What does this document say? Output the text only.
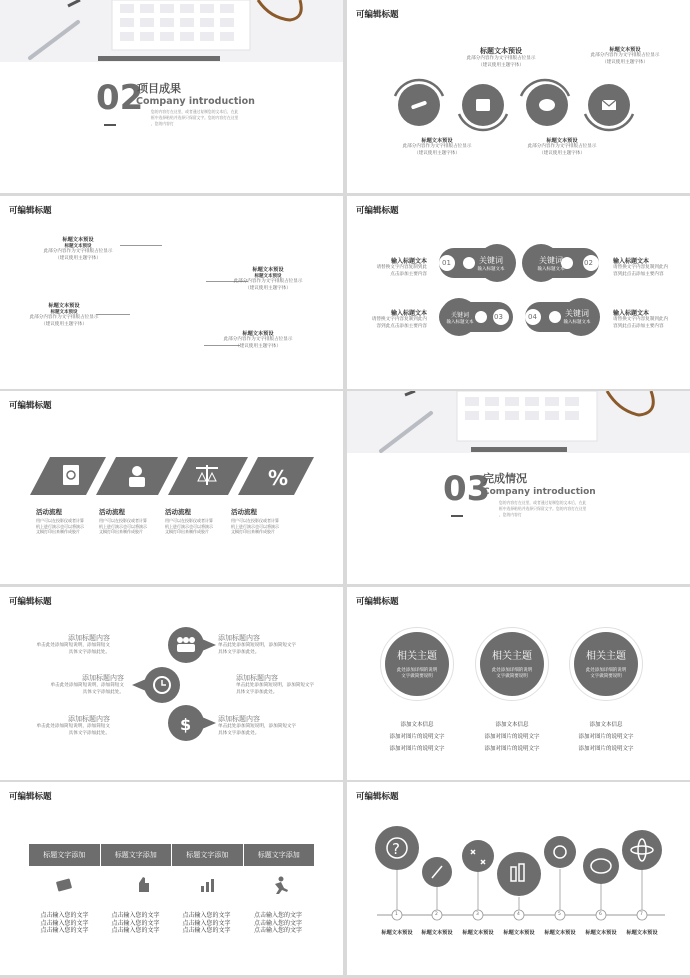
02
项目成果
Company introduction
您的内容打在这里，或者通过复制您的文本后，在此
框中选择粘贴并选择只保留文字。您的内容打在这里
，您的内容打
可编辑标题
标题文本预设
此部分内容作为文字排版占位显示
（建议使用主题字体）
标题文本预设
此部分内容作为文字排版占位显示
（建议使用主题字体）
标题文本预设
此部分内容作为文字排版占位显示
（建议使用主题字体）
标题文本预设
此部分内容作为文字排版占位显示
（建议使用主题字体）
可编辑标题
标题文本预设
标题文本预设
此部分内容作为文字排版占位显示
（建议使用主题字体）
标题文本预设
标题文本预设
此部分内容作为文字排版占位显示
（建议使用主题字体）
标题文本预设
标题文本预设
此部分内容作为文字排版占位显示
（建议使用主题字体）
标题文本预设
此部分内容作为文字排版占位显示
（建议使用主题字体）
可编辑标题
01	02
03	04
关键词
输入标题文本
关键词
输入标题文本
关键词
输入标题文本
关键词
输入标题文本
输入标题文本
请替换文字内容复制到此
点击添加主要内容
输入标题文本
请替换文字内容复制到此内
容到此点击添加主要内容
输入标题文本
请替换文字内容复制到此内
容到此点击添加主要内容
输入标题文本
请替换文字内容复制到此内
容到此点击添加主要内容
可编辑标题
%
活动流程
用户可以在投影仪或者计算
机上进行演示也可以将演示
文稿打印出来制作成胶片
活动流程
用户可以在投影仪或者计算
机上进行演示也可以将演示
文稿打印出来制作成胶片
活动流程
用户可以在投影仪或者计算
机上进行演示也可以将演示
文稿打印出来制作成胶片
活动流程
用户可以在投影仪或者计算
机上进行演示也可以将演示
文稿打印出来制作成胶片
03
完成情况
Company introduction
您的内容打在这里，或者通过复制您的文本后，在此
框中选择粘贴并选择只保留文字。您的内容打在这里
，您的内容打
可编辑标题
$
添加标题内容
单击此处添加简短说明，添加简短文
具体文字添加此处。
添加标题内容
单击此处添加简短说明，添加简短文
具体文字添加此处。
添加标题内容
单击此处添加简短说明，添加简短文
具体文字添加此处。
添加标题内容
单击此处添加简短说明，添加简短文字
具体文字添加此处。
添加标题内容
单击此处添加简短说明，添加简短文字
具体文字添加此处。
添加标题内容
单击此处添加简短说明，添加简短文字
具体文字添加此处。
可编辑标题
相关主题
此处添加详细的说明
文字做简要说明
相关主题
此处添加详细的说明
文字做简要说明
相关主题
此处添加详细的说明
文字做简要说明
添加文本信息
添加对图片的说明文字
添加对图片的说明文字
添加文本信息
添加对图片的说明文字
添加对图片的说明文字
添加文本信息
添加对图片的说明文字
添加对图片的说明文字
可编辑标题
标题文字添加	标题文字添加	标题文字添加	标题文字添加
点击输入您的文字
点击输入您的文字
点击输入您的文字
点击输入您的文字
点击输入您的文字
点击输入您的文字
点击输入您的文字
点击输入您的文字
点击输入您的文字
点击输入您的文字
点击输入您的文字
点击输入您的文字
可编辑标题
?
1	2	3	4	5	6	7
标题文本预设	标题文本预设	标题文本预设	标题文本预设	标题文本预设	标题文本预设	标题文本预设
